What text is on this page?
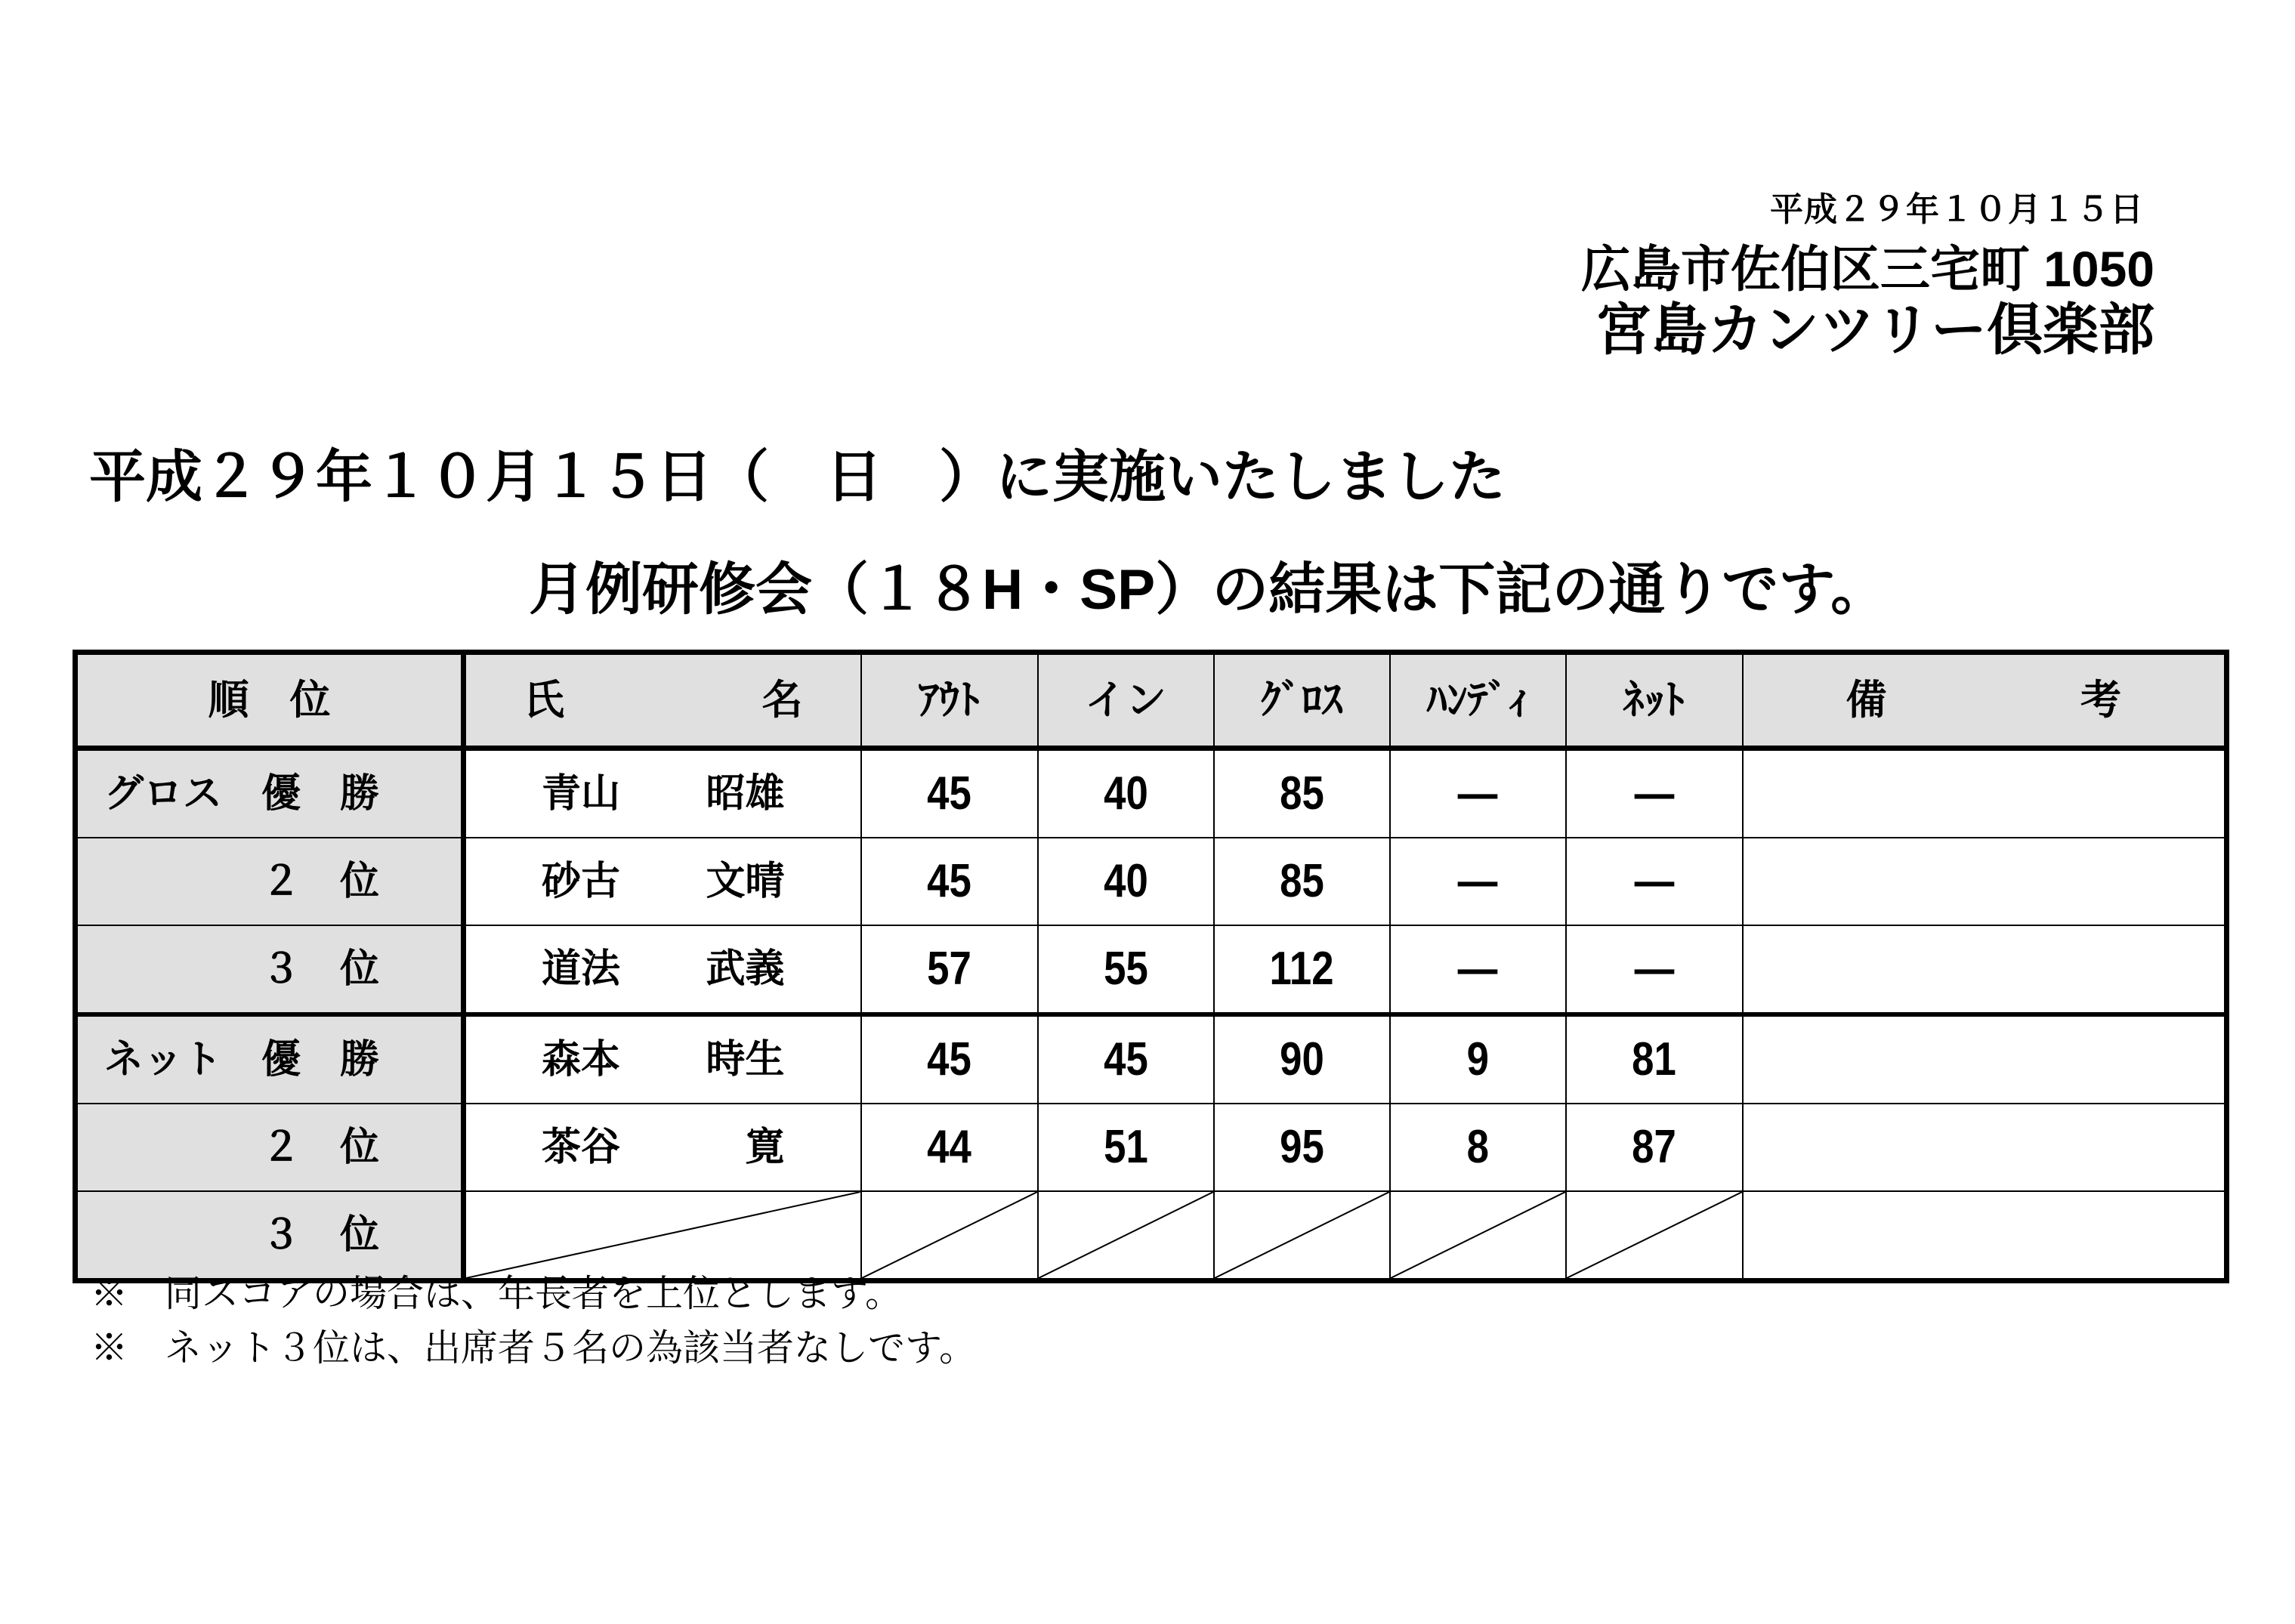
平成２９年１０月１５日
広島市佐伯区三宅町 1050
宮島カンツリー倶楽部
平成２９年１０月１５日（　日　）に実施いたしました
月例研修会（１８H・SP）の結果は下記の通りです。
順　位	氏 名	ｱｳﾄ	イン	ｸﾞﾛｽ	ﾊﾝﾃﾞｨ	ﾈｯﾄ	備 考

グロス　優　勝	青山 昭雄	45	40	85	―	―	
２　位	砂古 文晴	45	40	85	―	―	
３　位	道法 武義	57	55	112	―	―	
ネット　優　勝	森本 時生	45	45	90	9	81	
２　位	茶谷 寛	44	51	95	8	87	
３　位	

※　同スコアの場合は、年長者を上位とします。
※　ネット３位は、出席者５名の為該当者なしです。
